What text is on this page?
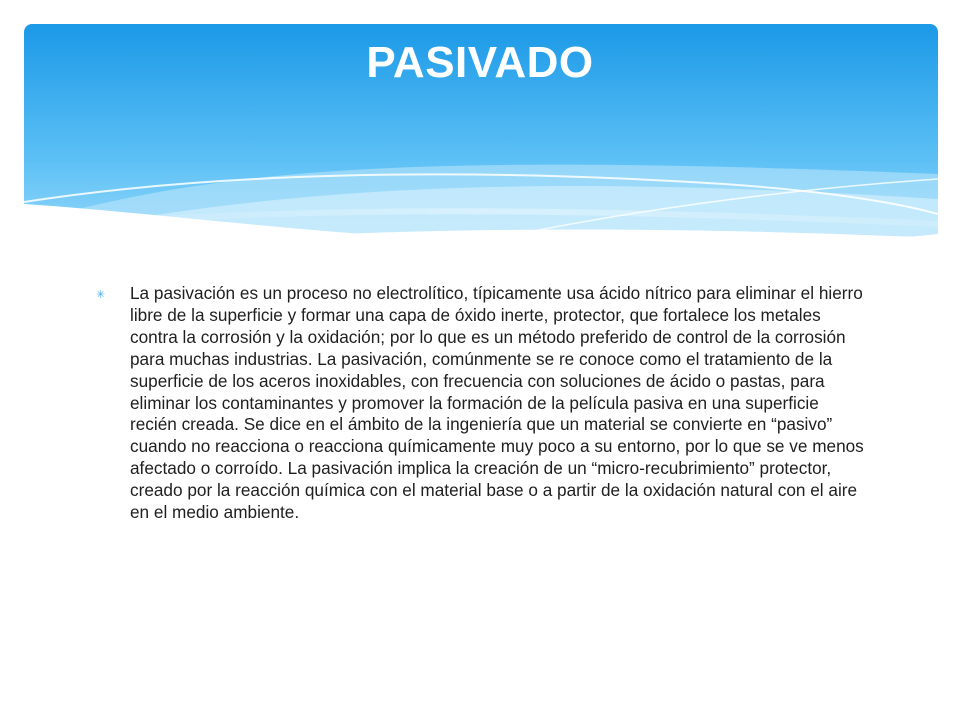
PASIVADO
✳	La pasivación es un proceso no electrolítico, típicamente usa ácido nítrico para eliminar el hierro libre de la superficie y formar una capa de óxido inerte, protector, que fortalece los metales contra la corrosión y la oxidación; por lo que es un método preferido de control de la corrosión para muchas industrias. La pasivación, comúnmente se re conoce como el tratamiento de la superficie de los aceros inoxidables, con frecuencia con soluciones de ácido o pastas, para eliminar los contaminantes y promover la formación de la película pasiva en una superficie recién creada. Se dice en el ámbito de la ingeniería que un material se convierte en “pasivo” cuando no reacciona o reacciona químicamente muy poco a su entorno, por lo que se ve menos afectado o corroído. La pasivación implica la creación de un “micro-recubrimiento” protector, creado por la reacción química con el material base o a partir de la oxidación natural con el aire en el medio ambiente.
